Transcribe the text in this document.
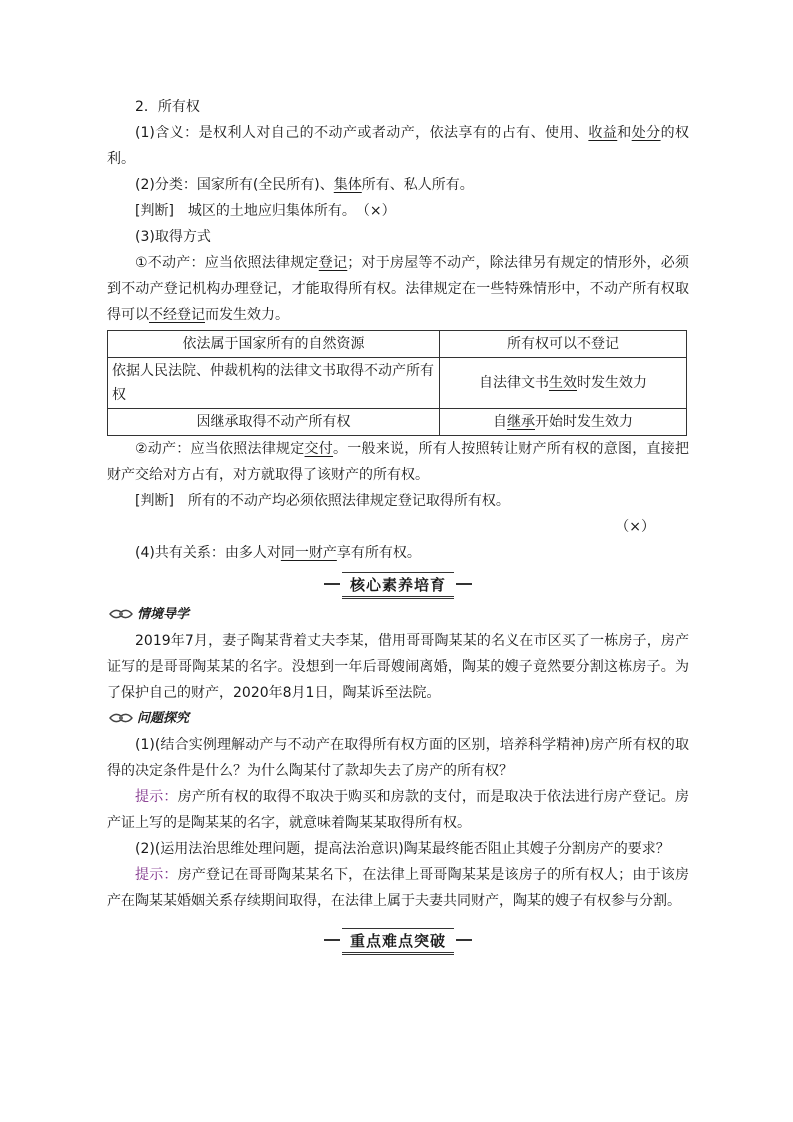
2．所有权
(1)含义：是权利人对自己的不动产或者动产，依法享有的占有、使用、收益和处分的权利。
(2)分类：国家所有(全民所有)、集体所有、私人所有。
[判断]　城区的土地应归集体所有。　（×）
(3)取得方式
①不动产：应当依照法律规定登记；对于房屋等不动产，除法律另有规定的情形外，必须到不动产登记机构办理登记，才能取得所有权。法律规定在一些特殊情形中，不动产所有权取得可以不经登记而发生效力。
依法属于国家所有的自然资源	所有权可以不登记
依据人民法院、仲裁机构的法律文书取得不动产所有权	自法律文书生效时发生效力
因继承取得不动产所有权	自继承开始时发生效力
②动产：应当依照法律规定交付。一般来说，所有人按照转让财产所有权的意图，直接把财产交给对方占有，对方就取得了该财产的所有权。
[判断]　所有的不动产均必须依照法律规定登记取得所有权。
（×）
(4)共有关系：由多人对同一财产享有所有权。
核心素养培育
情境导学
2019年7月，妻子陶某背着丈夫李某，借用哥哥陶某某的名义在市区买了一栋房子，房产证写的是哥哥陶某某的名字。没想到一年后哥嫂闹离婚，陶某的嫂子竟然要分割这栋房子。为了保护自己的财产，2020年8月1日，陶某诉至法院。
问题探究
(1)(结合实例理解动产与不动产在取得所有权方面的区别，培养科学精神)房产所有权的取得的决定条件是什么？为什么陶某付了款却失去了房产的所有权？
提示：房产所有权的取得不取决于购买和房款的支付，而是取决于依法进行房产登记。房产证上写的是陶某某的名字，就意味着陶某某取得所有权。
(2)(运用法治思维处理问题，提高法治意识)陶某最终能否阻止其嫂子分割房产的要求？
提示：房产登记在哥哥陶某某名下，在法律上哥哥陶某某是该房子的所有权人；由于该房产在陶某某婚姻关系存续期间取得，在法律上属于夫妻共同财产，陶某的嫂子有权参与分割。
重点难点突破
